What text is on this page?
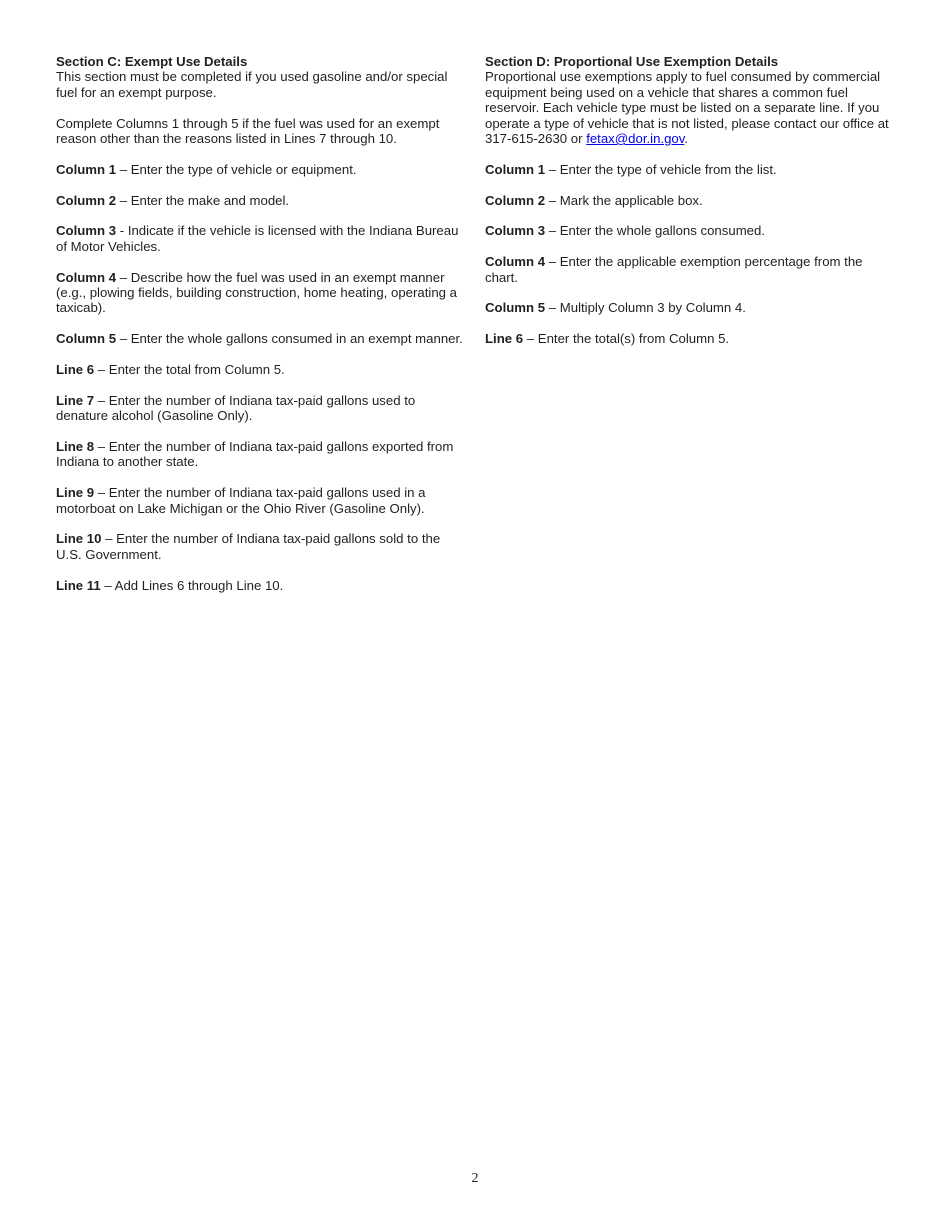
Section C: Exempt Use Details
This section must be completed if you used gasoline and/or special fuel for an exempt purpose.

Complete Columns 1 through 5 if the fuel was used for an exempt reason other than the reasons listed in Lines 7 through 10.

Column 1 – Enter the type of vehicle or equipment.

Column 2 – Enter the make and model.

Column 3 - Indicate if the vehicle is licensed with the Indiana Bureau of Motor Vehicles.

Column 4 – Describe how the fuel was used in an exempt manner (e.g., plowing fields, building construction, home heating, operating a taxicab).

Column 5 – Enter the whole gallons consumed in an exempt manner.

Line 6 – Enter the total from Column 5.

Line 7 – Enter the number of Indiana tax-paid gallons used to denature alcohol (Gasoline Only).

Line 8 – Enter the number of Indiana tax-paid gallons exported from Indiana to another state.

Line 9 – Enter the number of Indiana tax-paid gallons used in a motorboat on Lake Michigan or the Ohio River (Gasoline Only).

Line 10 – Enter the number of Indiana tax-paid gallons sold to the U.S. Government.

Line 11 – Add Lines 6 through Line 10.

Section D: Proportional Use Exemption Details
Proportional use exemptions apply to fuel consumed by commercial equipment being used on a vehicle that shares a common fuel reservoir. Each vehicle type must be listed on a separate line. If you operate a type of vehicle that is not listed, please contact our office at 317-615-2630 or fetax@dor.in.gov.

Column 1 – Enter the type of vehicle from the list.

Column 2 – Mark the applicable box.

Column 3 – Enter the whole gallons consumed.

Column 4 – Enter the applicable exemption percentage from the chart.

Column 5 – Multiply Column 3 by Column 4.

Line 6 – Enter the total(s) from Column 5.

2
